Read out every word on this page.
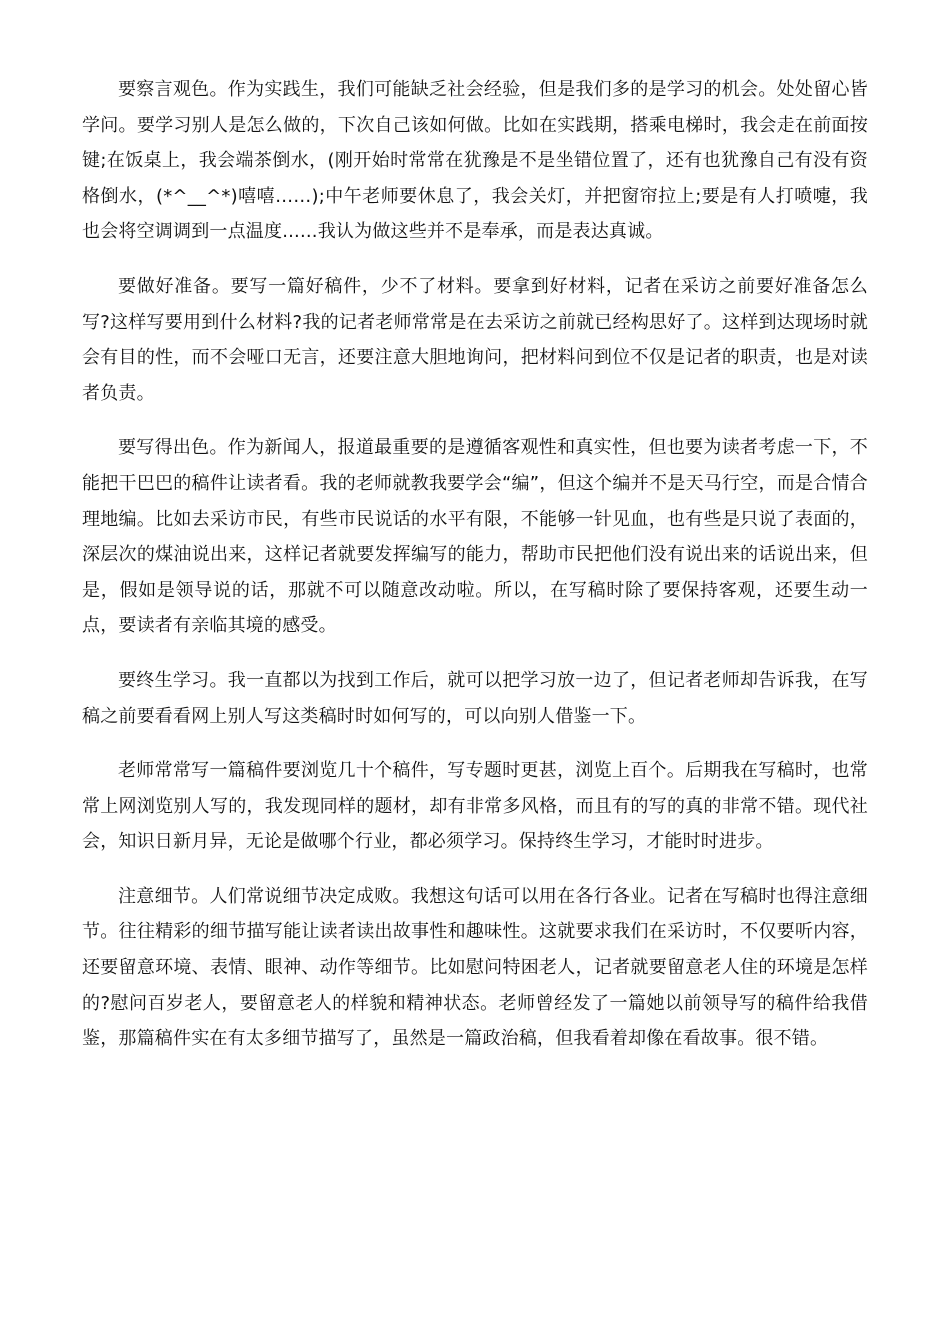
要察言观色。作为实践生，我们可能缺乏社会经验，但是我们多的是学习的机会。处处留心皆学问。要学习别人是怎么做的，下次自己该如何做。比如在实践期，搭乘电梯时，我会走在前面按键;在饭桌上，我会端茶倒水，(刚开始时常常在犹豫是不是坐错位置了，还有也犹豫自己有没有资格倒水，(*^__^*)嘻嘻……);中午老师要休息了，我会关灯，并把窗帘拉上;要是有人打喷嚏，我也会将空调调到一点温度......我认为做这些并不是奉承，而是表达真诚。

要做好准备。要写一篇好稿件，少不了材料。要拿到好材料，记者在采访之前要好准备怎么写?这样写要用到什么材料?我的记者老师常常是在去采访之前就已经构思好了。这样到达现场时就会有目的性，而不会哑口无言，还要注意大胆地询问，把材料问到位不仅是记者的职责，也是对读者负责。

要写得出色。作为新闻人，报道最重要的是遵循客观性和真实性，但也要为读者考虑一下，不能把干巴巴的稿件让读者看。我的老师就教我要学会“编”，但这个编并不是天马行空，而是合情合理地编。比如去采访市民，有些市民说话的水平有限，不能够一针见血，也有些是只说了表面的，深层次的煤油说出来，这样记者就要发挥编写的能力，帮助市民把他们没有说出来的话说出来，但是，假如是领导说的话，那就不可以随意改动啦。所以，在写稿时除了要保持客观，还要生动一点，要读者有亲临其境的感受。

要终生学习。我一直都以为找到工作后，就可以把学习放一边了，但记者老师却告诉我，在写稿之前要看看网上别人写这类稿时时如何写的，可以向别人借鉴一下。

老师常常写一篇稿件要浏览几十个稿件，写专题时更甚，浏览上百个。后期我在写稿时，也常常上网浏览别人写的，我发现同样的题材，却有非常多风格，而且有的写的真的非常不错。现代社会，知识日新月异，无论是做哪个行业，都必须学习。保持终生学习，才能时时进步。

注意细节。人们常说细节决定成败。我想这句话可以用在各行各业。记者在写稿时也得注意细节。往往精彩的细节描写能让读者读出故事性和趣味性。这就要求我们在采访时，不仅要听内容，还要留意环境、表情、眼神、动作等细节。比如慰问特困老人，记者就要留意老人住的环境是怎样的?慰问百岁老人，要留意老人的样貌和精神状态。老师曾经发了一篇她以前领导写的稿件给我借鉴，那篇稿件实在有太多细节描写了，虽然是一篇政治稿，但我看着却像在看故事。很不错。
